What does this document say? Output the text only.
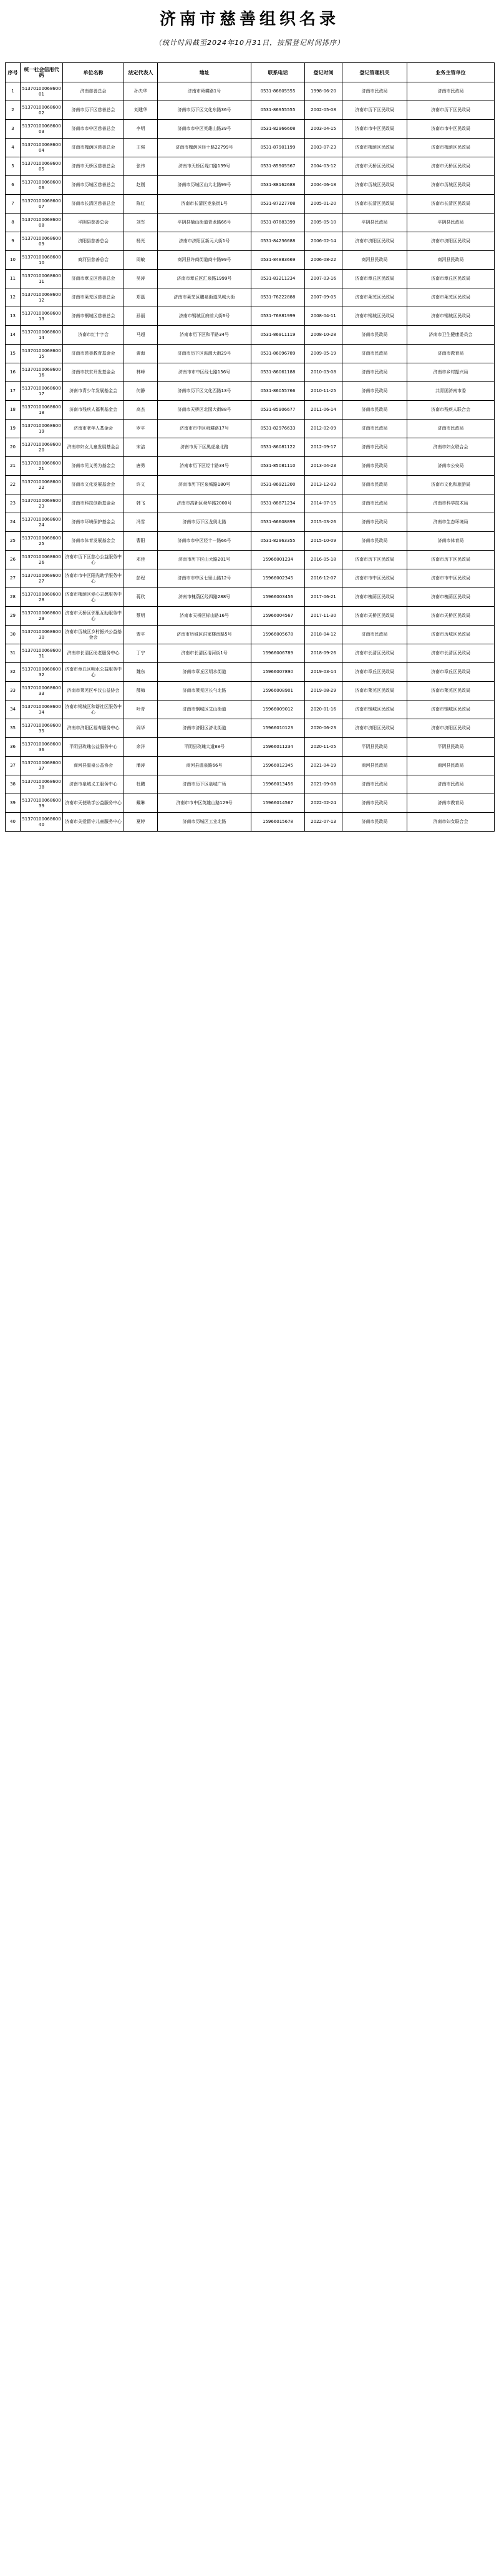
济南市慈善组织名录
（统计时间截至2024年10月31日，按照登记时间排序）
序号	统一社会信用代码	单位名称	法定代表人	地址	联系电话	登记时间	登记管理机关	业务主管单位
1	5137010006860001	济南慈善总会	孙夫华	济南市舜耕路1号	0531-86605555	1998-06-20	济南市民政局	济南市民政局
2	5137010006860002	济南市历下区慈善总会	刘建华	济南市历下区文化东路36号	0531-86955555	2002-05-08	济南市历下区民政局	济南市历下区民政局
3	5137010006860003	济南市市中区慈善总会	李明	济南市市中区英雄山路39号	0531-82966608	2003-04-15	济南市市中区民政局	济南市市中区民政局
4	5137010006860004	济南市槐荫区慈善总会	王强	济南市槐荫区经十路22799号	0531-87901199	2003-07-23	济南市槐荫区民政局	济南市槐荫区民政局
5	5137010006860005	济南市天桥区慈善总会	张伟	济南市天桥区堤口路139号	0531-85905567	2004-03-12	济南市天桥区民政局	济南市天桥区民政局
6	5137010006860006	济南市历城区慈善总会	赵刚	济南市历城区山大北路99号	0531-88162688	2004-06-18	济南市历城区民政局	济南市历城区民政局
7	5137010006860007	济南市长清区慈善总会	陈红	济南市长清区龙泉街1号	0531-87227708	2005-01-20	济南市长清区民政局	济南市长清区民政局
8	5137010006860008	平阴县慈善总会	刘军	平阴县榆山街道青龙路66号	0531-87883399	2005-05-10	平阴县民政局	平阴县民政局
9	5137010006860009	济阳县慈善总会	杨光	济南市济阳区新元大街1号	0531-84236688	2006-02-14	济南市济阳区民政局	济南市济阳区民政局
10	5137010006860010	商河县慈善总会	周敏	商河县许商街道商中路99号	0531-84883669	2006-08-22	商河县民政局	商河县民政局
11	5137010006860011	济南市章丘区慈善总会	吴涛	济南市章丘区汇泉路1999号	0531-83211234	2007-03-16	济南市章丘区民政局	济南市章丘区民政局
12	5137010006860012	济南市莱芜区慈善总会	郑磊	济南市莱芜区鹏泉街道凤城大街	0531-76222888	2007-09-05	济南市莱芜区民政局	济南市莱芜区民政局
13	5137010006860013	济南市钢城区慈善总会	孙丽	济南市钢城区府前大街6号	0531-76881999	2008-04-11	济南市钢城区民政局	济南市钢城区民政局
14	5137010006860014	济南市红十字会	马超	济南市历下区和平路34号	0531-86911119	2008-10-28	济南市民政局	济南市卫生健康委员会
15	5137010006860015	济南市慈善教育基金会	黄海	济南市历下区泺源大街29号	0531-86096789	2009-05-19	济南市民政局	济南市教育局
16	5137010006860016	济南市扶贫开发基金会	林峰	济南市市中区经七路156号	0531-86061188	2010-03-08	济南市民政局	济南市乡村振兴局
17	5137010006860017	济南市青少年发展基金会	何静	济南市历下区文化西路13号	0531-86055766	2010-11-25	济南市民政局	共青团济南市委
18	5137010006860018	济南市残疾人福利基金会	高杰	济南市天桥区北园大街88号	0531-85906677	2011-06-14	济南市民政局	济南市残疾人联合会
19	5137010006860019	济南市老年人基金会	罗平	济南市市中区舜耕路17号	0531-82976633	2012-02-09	济南市民政局	济南市民政局
20	5137010006860020	济南市妇女儿童发展基金会	宋洁	济南市历下区黑虎泉北路	0531-86081122	2012-09-17	济南市民政局	济南市妇女联合会
21	5137010006860021	济南市见义勇为基金会	唐勇	济南市历下区经十路34号	0531-85081110	2013-04-23	济南市民政局	济南市公安局
22	5137010006860022	济南市文化发展基金会	许文	济南市历下区泉城路180号	0531-86921200	2013-12-03	济南市民政局	济南市文化和旅游局
23	5137010006860023	济南市科技创新基金会	韩飞	济南市高新区舜华路2000号	0531-88871234	2014-07-15	济南市民政局	济南市科学技术局
24	5137010006860024	济南市环境保护基金会	冯雪	济南市历下区龙奥北路	0531-66608899	2015-03-26	济南市民政局	济南市生态环境局
25	5137010006860025	济南市体育发展基金会	曹阳	济南市市中区经十一路66号	0531-82963355	2015-10-09	济南市民政局	济南市体育局
26	5137010006860026	济南市历下区慈心公益服务中心	邓佳	济南市历下区山大路201号	15966001234	2016-05-18	济南市历下区民政局	济南市历下区民政局
27	5137010006860027	济南市市中区阳光助学服务中心	彭程	济南市市中区七里山路12号	15966002345	2016-12-07	济南市市中区民政局	济南市市中区民政局
28	5137010006860028	济南市槐荫区爱心志愿服务中心	蒋欣	济南市槐荫区经四路288号	15966003456	2017-06-21	济南市槐荫区民政局	济南市槐荫区民政局
29	5137010006860029	济南市天桥区邻里互助服务中心	蔡明	济南市天桥区标山路16号	15966004567	2017-11-30	济南市天桥区民政局	济南市天桥区民政局
30	5137010006860030	济南市历城区乡村振兴公益基金会	贾平	济南市历城区洪家楼南路5号	15966005678	2018-04-12	济南市民政局	济南市历城区民政局
31	5137010006860031	济南市长清区助老服务中心	丁宁	济南市长清区清河街1号	15966006789	2018-09-26	济南市长清区民政局	济南市长清区民政局
32	5137010006860032	济南市章丘区明水公益服务中心	魏东	济南市章丘区明水街道	15966007890	2019-03-14	济南市章丘区民政局	济南市章丘区民政局
33	5137010006860033	济南市莱芜区牟汶公益协会	薛梅	济南市莱芜区长勺北路	15966008901	2019-08-29	济南市莱芜区民政局	济南市莱芜区民政局
34	5137010006860034	济南市钢城区和谐社区服务中心	叶青	济南市钢城区艾山街道	15966009012	2020-01-16	济南市钢城区民政局	济南市钢城区民政局
35	5137010006860035	济南市济阳区福寿服务中心	阎华	济南市济阳区济北街道	15966010123	2020-06-23	济南市济阳区民政局	济南市济阳区民政局
36	5137010006860036	平阴县玫瑰公益服务中心	余洋	平阴县玫瑰大道88号	15966011234	2020-11-05	平阴县民政局	平阴县民政局
37	5137010006860037	商河县温泉公益协会	潘涛	商河县温泉路66号	15966012345	2021-04-19	商河县民政局	商河县民政局
38	5137010006860038	济南市泉城义工服务中心	杜鹏	济南市历下区泉城广场	15966013456	2021-09-08	济南市民政局	济南市民政局
39	5137010006860039	济南市天使助学公益服务中心	戴琳	济南市市中区英雄山路129号	15966014567	2022-02-24	济南市民政局	济南市教育局
40	5137010006860040	济南市关爱留守儿童服务中心	夏婷	济南市历城区工业北路	15966015678	2022-07-13	济南市民政局	济南市妇女联合会
